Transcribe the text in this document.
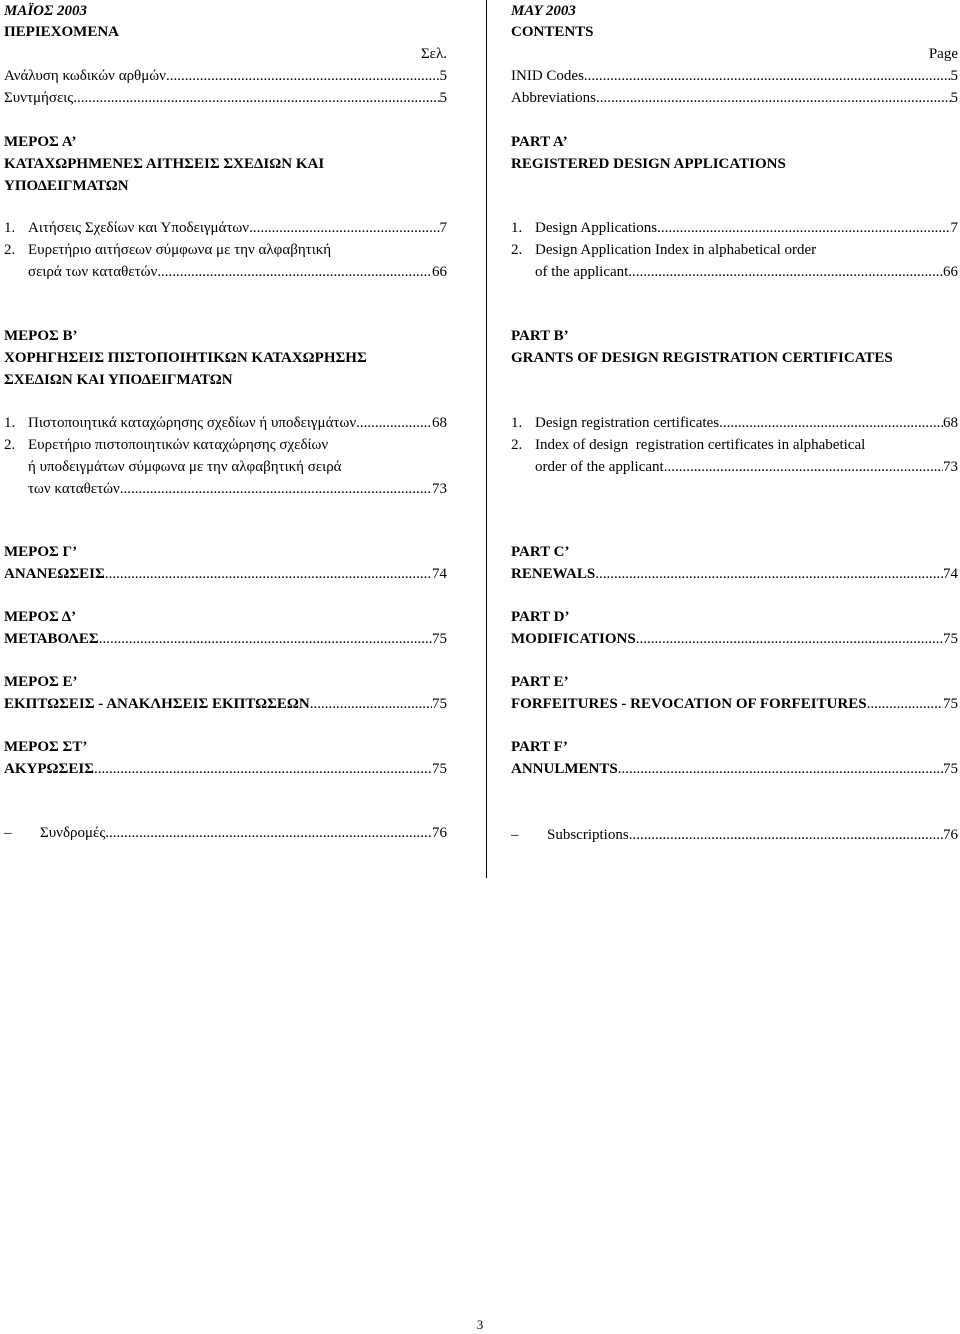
ΜΑΪΟΣ 2003
ΠΕΡΙΕΧΟΜΕΝΑ
Σελ.
Ανάλυση κωδικών αρθμών .....	5
Συντμήσεις .....	5
ΜΕΡΟΣ Α’
ΚΑΤΑΧΩΡΗΜΕΝΕΣ ΑΙΤΗΣΕΙΣ ΣΧΕΔΙΩΝ ΚΑΙ
ΥΠΟΔΕΙΓΜΑΤΩΝ
1. Αιτήσεις Σχεδίων και Υποδειγμάτων .....	7
2. Ευρετήριο αιτήσεων σύμφωνα με την αλφαβητική
σειρά των καταθετών .....	66
ΜΕΡΟΣ Β’
ΧΟΡΗΓΗΣΕΙΣ ΠΙΣΤΟΠΟΙΗΤΙΚΩΝ ΚΑΤΑΧΩΡΗΣΗΣ
ΣΧΕΔΙΩΝ ΚΑΙ ΥΠΟΔΕΙΓΜΑΤΩΝ
1. Πιστοποιητικά καταχώρησης σχεδίων ή υποδειγμάτων. .....	68
2. Ευρετήριο πιστοποιητικών καταχώρησης σχεδίων
ή υποδειγμάτων σύμφωνα με την αλφαβητική σειρά
των καταθετών .....	73
ΜΕΡΟΣ Γ’
ΑΝΑΝΕΩΣΕΙΣ .....	74
ΜΕΡΟΣ Δ’
ΜΕΤΑΒΟΛΕΣ .....	75
ΜΕΡΟΣ Ε’
ΕΚΠΤΩΣΕΙΣ - ΑΝΑΚΛΗΣΕΙΣ ΕΚΠΤΩΣΕΩΝ .....	75
ΜΕΡΟΣ ΣΤ’
ΑΚΥΡΩΣΕΙΣ .....	75
–	Συνδρομές .....	76
MAY 2003
CONTENTS
Page
INID Codes .....	5
Abbreviations .....	5
PART A’
REGISTERED DESIGN APPLICATIONS
1. Design Applications .....	7
2. Design Application Index in alphabetical order
of the applicant.. .....	66
PART B’
GRANTS OF DESIGN REGISTRATION CERTIFICATES
1. Design registration certificates .....	68
2. Index of design  registration certificates in alphabetical
order of the applicant .....	73
PART C’
RENEWALS .....	74
PART D’
MODIFICATIONS .....	75
PART E’
FORFEITURES - REVOCATION OF FORFEITURES .....	75
PART F’
ANNULMENTS .....	75
–	Subscriptions .....	76
3
